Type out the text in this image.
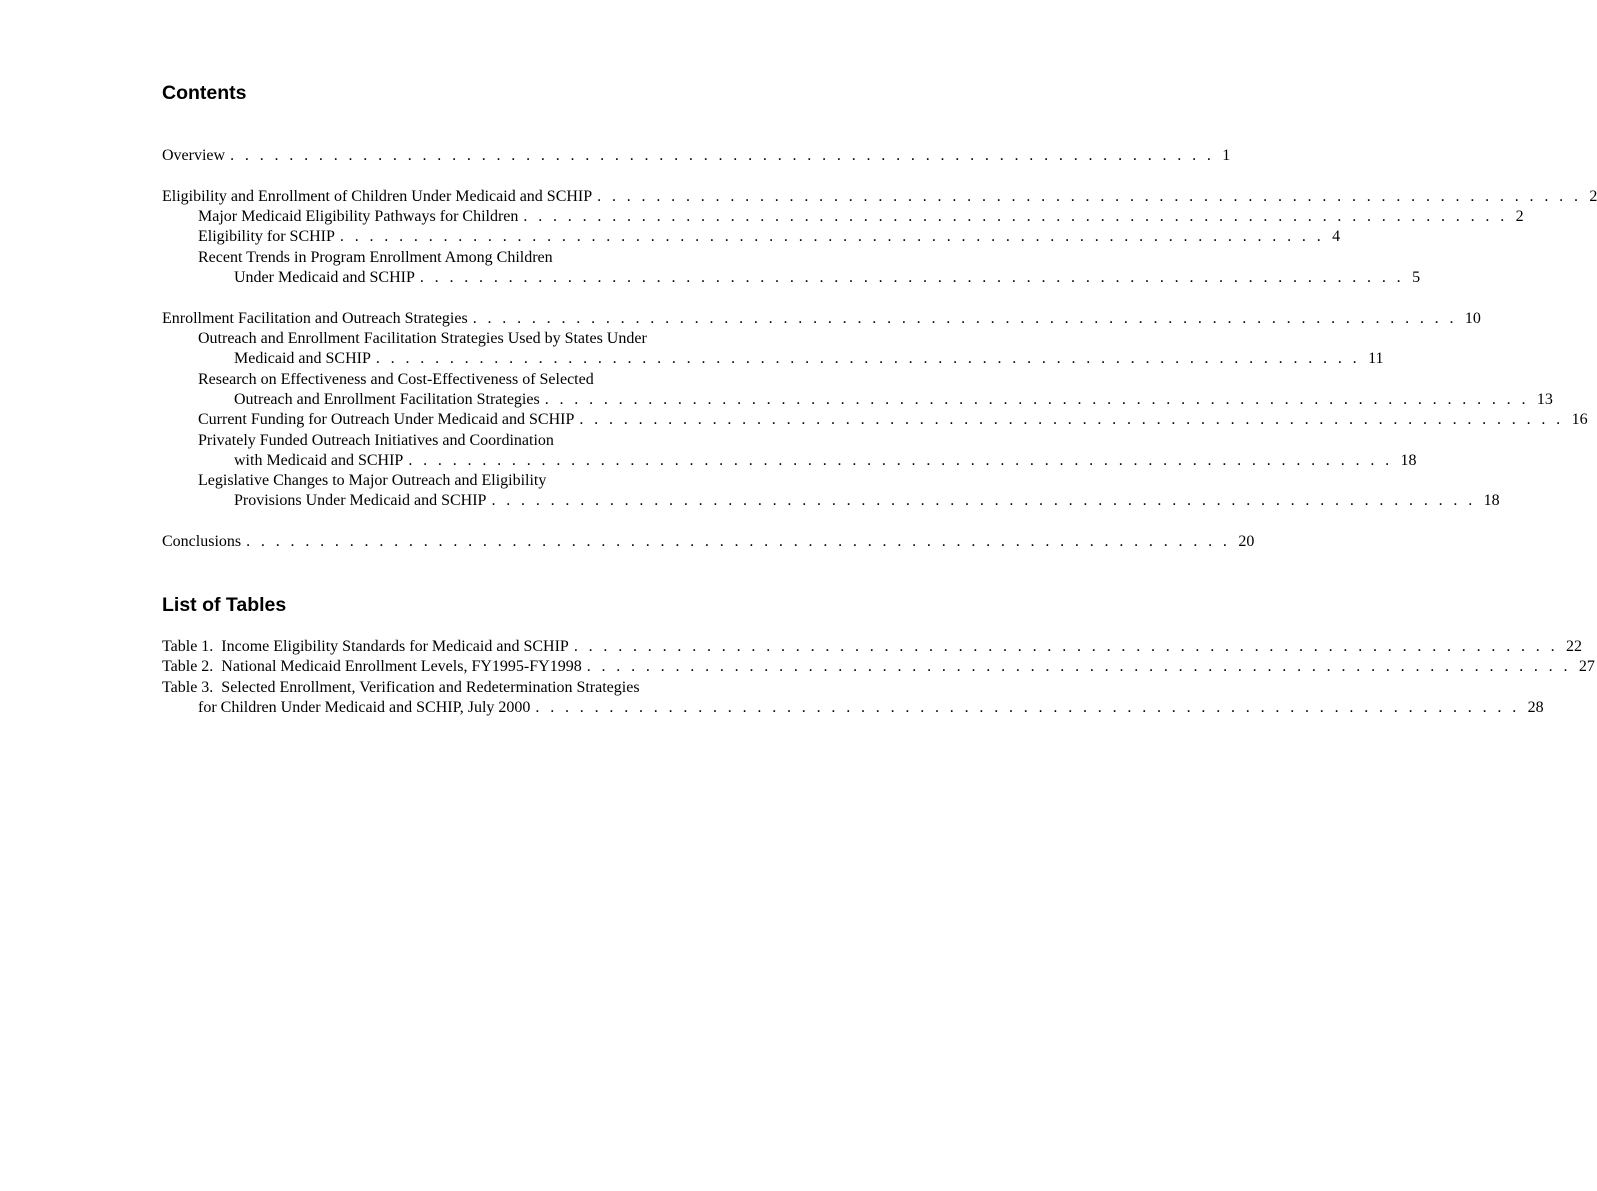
Contents
Overview . . . . . . . . . . . . . . . . . . . . . . . . . . . . . . . . . . . . . . . . . . . . . . . . . . . . . . . . . . . . . . . . . . . 1
Eligibility and Enrollment of Children Under Medicaid and SCHIP . . . . . . . . . . . . . . . . . . . . . . . . . . . . . . . . . . . . . . . . . . . . . . . . . . . . . . . . . . . . . . . . . . . 2
Major Medicaid Eligibility Pathways for Children . . . . . . . . . . . . . . . . . . . . . . . . . . . . . . . . . . . . . . . . . . . . . . . . . . . . . . . . . . . . . . . . . . . 2
Eligibility for SCHIP . . . . . . . . . . . . . . . . . . . . . . . . . . . . . . . . . . . . . . . . . . . . . . . . . . . . . . . . . . . . . . . . . . . 4
Recent Trends in Program Enrollment Among Children
Under Medicaid and SCHIP . . . . . . . . . . . . . . . . . . . . . . . . . . . . . . . . . . . . . . . . . . . . . . . . . . . . . . . . . . . . . . . . . . . 5
Enrollment Facilitation and Outreach Strategies . . . . . . . . . . . . . . . . . . . . . . . . . . . . . . . . . . . . . . . . . . . . . . . . . . . . . . . . . . . . . . . . . . . 10
Outreach and Enrollment Facilitation Strategies Used by States Under
Medicaid and SCHIP . . . . . . . . . . . . . . . . . . . . . . . . . . . . . . . . . . . . . . . . . . . . . . . . . . . . . . . . . . . . . . . . . . . 11
Research on Effectiveness and Cost-Effectiveness of Selected
Outreach and Enrollment Facilitation Strategies . . . . . . . . . . . . . . . . . . . . . . . . . . . . . . . . . . . . . . . . . . . . . . . . . . . . . . . . . . . . . . . . . . . 13
Current Funding for Outreach Under Medicaid and SCHIP . . . . . . . . . . . . . . . . . . . . . . . . . . . . . . . . . . . . . . . . . . . . . . . . . . . . . . . . . . . . . . . . . . . 16
Privately Funded Outreach Initiatives and Coordination
with Medicaid and SCHIP . . . . . . . . . . . . . . . . . . . . . . . . . . . . . . . . . . . . . . . . . . . . . . . . . . . . . . . . . . . . . . . . . . . 18
Legislative Changes to Major Outreach and Eligibility
Provisions Under Medicaid and SCHIP . . . . . . . . . . . . . . . . . . . . . . . . . . . . . . . . . . . . . . . . . . . . . . . . . . . . . . . . . . . . . . . . . . . 18
Conclusions . . . . . . . . . . . . . . . . . . . . . . . . . . . . . . . . . . . . . . . . . . . . . . . . . . . . . . . . . . . . . . . . . . . 20
List of Tables
Table 1.  Income Eligibility Standards for Medicaid and SCHIP . . . . . . . . . . . . . . . . . . . . . . . . . . . . . . . . . . . . . . . . . . . . . . . . . . . . . . . . . . . . . . . . . . . 22
Table 2.  National Medicaid Enrollment Levels, FY1995-FY1998 . . . . . . . . . . . . . . . . . . . . . . . . . . . . . . . . . . . . . . . . . . . . . . . . . . . . . . . . . . . . . . . . . . . 27
Table 3.  Selected Enrollment, Verification and Redetermination Strategies
for Children Under Medicaid and SCHIP, July 2000 . . . . . . . . . . . . . . . . . . . . . . . . . . . . . . . . . . . . . . . . . . . . . . . . . . . . . . . . . . . . . . . . . . . 28
